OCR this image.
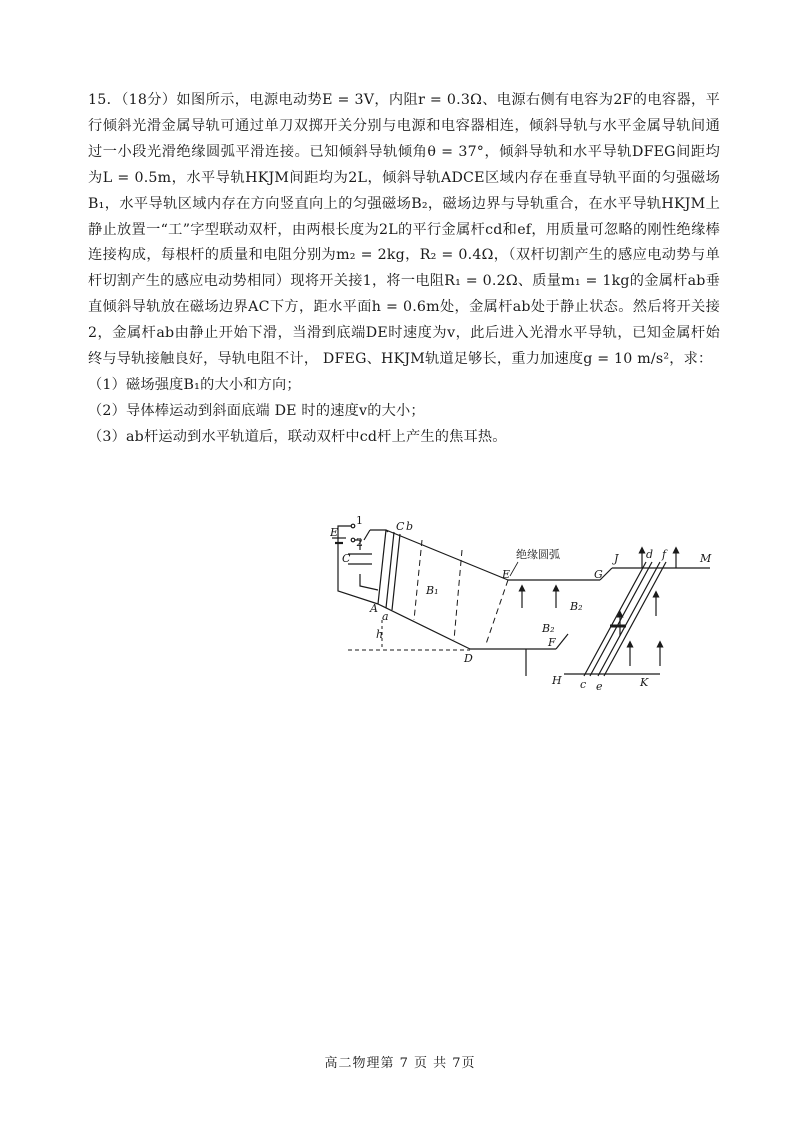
15．（18分）如图所示，电源电动势E = 3V，内阻r = 0.3Ω、电源右侧有电容为2F的电容器，平行倾斜光滑金属导轨可通过单刀双掷开关分别与电源和电容器相连，倾斜导轨与水平金属导轨间通过一小段光滑绝缘圆弧平滑连接。已知倾斜导轨倾角θ = 37°，倾斜导轨和水平导轨DFEG间距均为L = 0.5m，水平导轨HKJM间距均为2L，倾斜导轨ADCE区域内存在垂直导轨平面的匀强磁场B₁，水平导轨区域内存在方向竖直向上的匀强磁场B₂，磁场边界与导轨重合，在水平导轨HKJM上静止放置一“工”字型联动双杆，由两根长度为2L的平行金属杆cd和ef，用质量可忽略的刚性绝缘棒连接构成，每根杆的质量和电阻分别为m₂ = 2kg，R₂ = 0.4Ω，（双杆切割产生的感应电动势与单杆切割产生的感应电动势相同）现将开关接1，将一电阻R₁ = 0.2Ω、质量m₁ = 1kg的金属杆ab垂直倾斜导轨放在磁场边界AC下方，距水平面h = 0.6m处，金属杆ab处于静止状态。然后将开关接2，金属杆ab由静止开始下滑，当滑到底端DE时速度为v，此后进入光滑水平导轨，已知金属杆始终与导轨接触良好，导轨电阻不计， DFEG、HKJM轨道足够长，重力加速度g = 10 m/s²，求：

（1）磁场强度B₁的大小和方向；

（2）导体棒运动到斜面底端 DE 时的速度v的大小；

（3）ab杆运动到水平轨道后，联动双杆中cd杆上产生的焦耳热。

1
2
E
C
A
a
C b
B₁
h
D
E
绝缘圆弧
G
F
H	K
J	M
B₂
B₂
c e
d f
高二物理第 7 页 共 7页
